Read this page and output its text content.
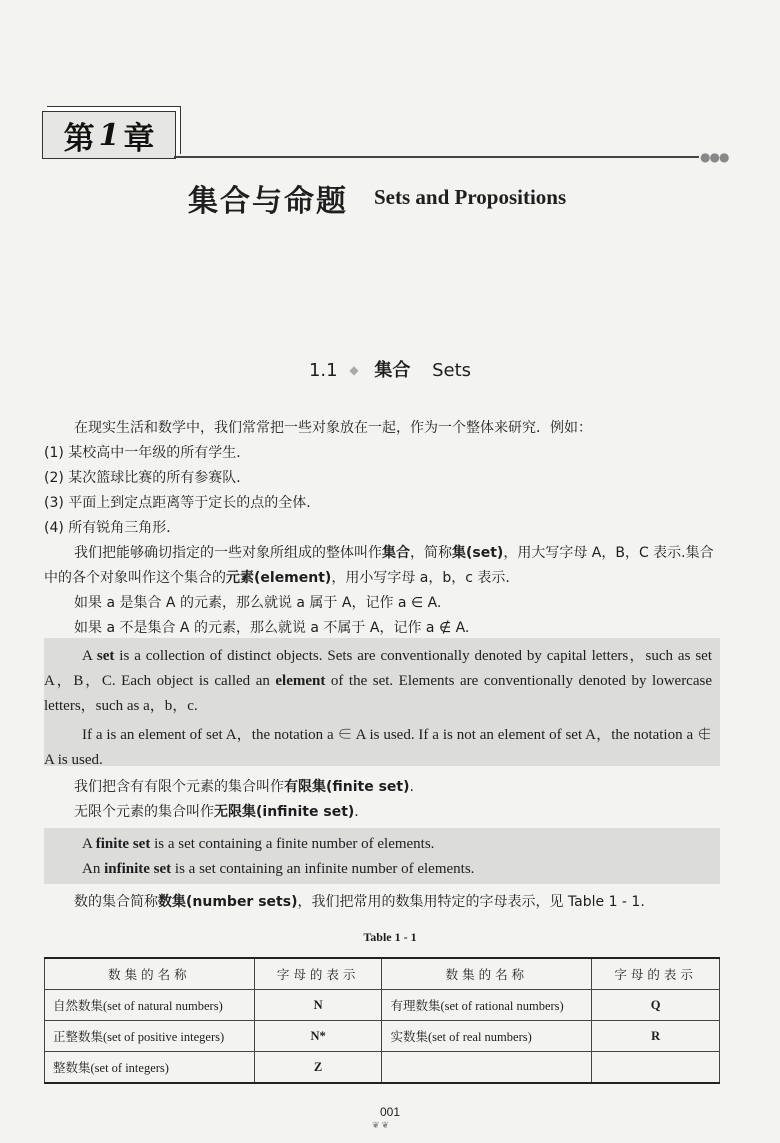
第 1 章
●●●
集合与命题 Sets and Propositions
1.1 ◆ 集合 Sets
在现实生活和数学中，我们常常把一些对象放在一起，作为一个整体来研究．例如：
(1) 某校高中一年级的所有学生．
(2) 某次篮球比赛的所有参赛队．
(3) 平面上到定点距离等于定长的点的全体．
(4) 所有锐角三角形．
我们把能够确切指定的一些对象所组成的整体叫作集合，简称集(set)，用大写字母 A，B，C 表示.集合中的各个对象叫作这个集合的元素(element)，用小写字母 a，b，c 表示.
如果 a 是集合 A 的元素，那么就说 a 属于 A，记作 a ∈ A.
如果 a 不是集合 A 的元素，那么就说 a 不属于 A，记作 a ∉ A.

A set is a collection of distinct objects. Sets are conventionally denoted by capital letters，such as set A，B，C. Each object is called an element of the set. Elements are conventionally denoted by lowercase letters，such as a，b，c.

If a is an element of set A，the notation a ∈ A is used. If a is not an element of set A，the notation a ∉ A is used.

我们把含有有限个元素的集合叫作有限集(finite set).
无限个元素的集合叫作无限集(infinite set).

A finite set is a set containing a finite number of elements.

An infinite set is a set containing an infinite number of elements.

数的集合简称数集(number sets)，我们把常用的数集用特定的字母表示，见 Table 1 - 1.
Table 1 - 1
数集的名称	字母的表示	数集的名称	字母的表示
自然数集(set of natural numbers)	N	有理数集(set of rational numbers)	Q
正整数集(set of positive integers)	N*	实数集(set of real numbers)	R
整数集(set of integers)	Z		
001
❦❦
